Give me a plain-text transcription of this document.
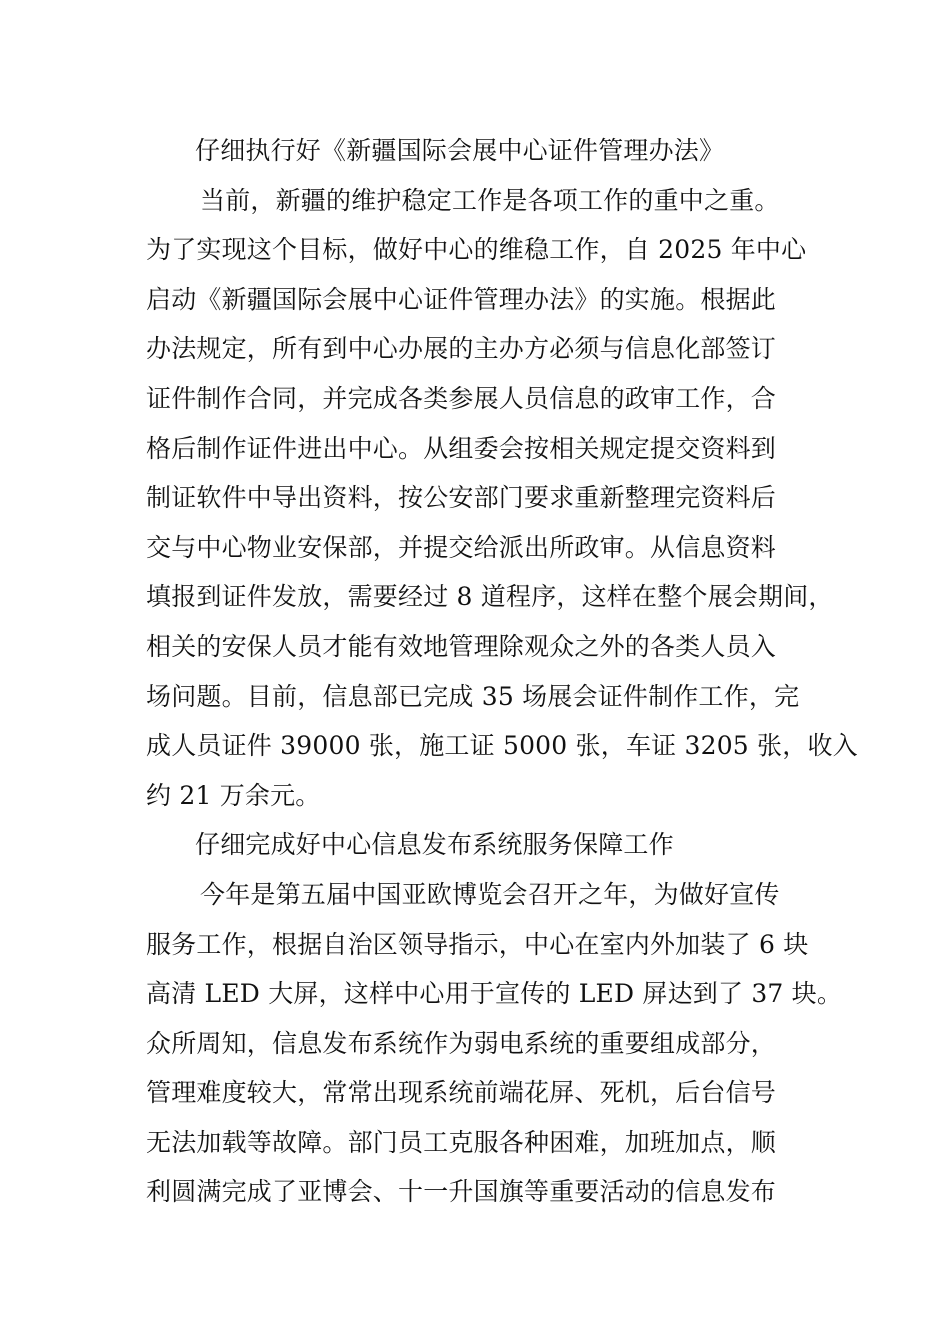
仔细执行好《新疆国际会展中心证件管理办法》
当前，新疆的维护稳定工作是各项工作的重中之重。
为了实现这个目标，做好中心的维稳工作，自 2025 年中心
启动《新疆国际会展中心证件管理办法》的实施。根据此
办法规定，所有到中心办展的主办方必须与信息化部签订
证件制作合同，并完成各类参展人员信息的政审工作，合
格后制作证件进出中心。从组委会按相关规定提交资料到
制证软件中导出资料，按公安部门要求重新整理完资料后
交与中心物业安保部，并提交给派出所政审。从信息资料
填报到证件发放，需要经过 8 道程序，这样在整个展会期间，
相关的安保人员才能有效地管理除观众之外的各类人员入
场问题。目前，信息部已完成 35 场展会证件制作工作，完
成人员证件 39000 张，施工证 5000 张，车证 3205 张，收入
约 21 万余元。
仔细完成好中心信息发布系统服务保障工作
今年是第五届中国亚欧博览会召开之年，为做好宣传
服务工作，根据自治区领导指示，中心在室内外加装了 6 块
高清 LED 大屏，这样中心用于宣传的 LED 屏达到了 37 块。
众所周知，信息发布系统作为弱电系统的重要组成部分，
管理难度较大，常常出现系统前端花屏、死机，后台信号
无法加载等故障。部门员工克服各种困难，加班加点，顺
利圆满完成了亚博会、十一升国旗等重要活动的信息发布
